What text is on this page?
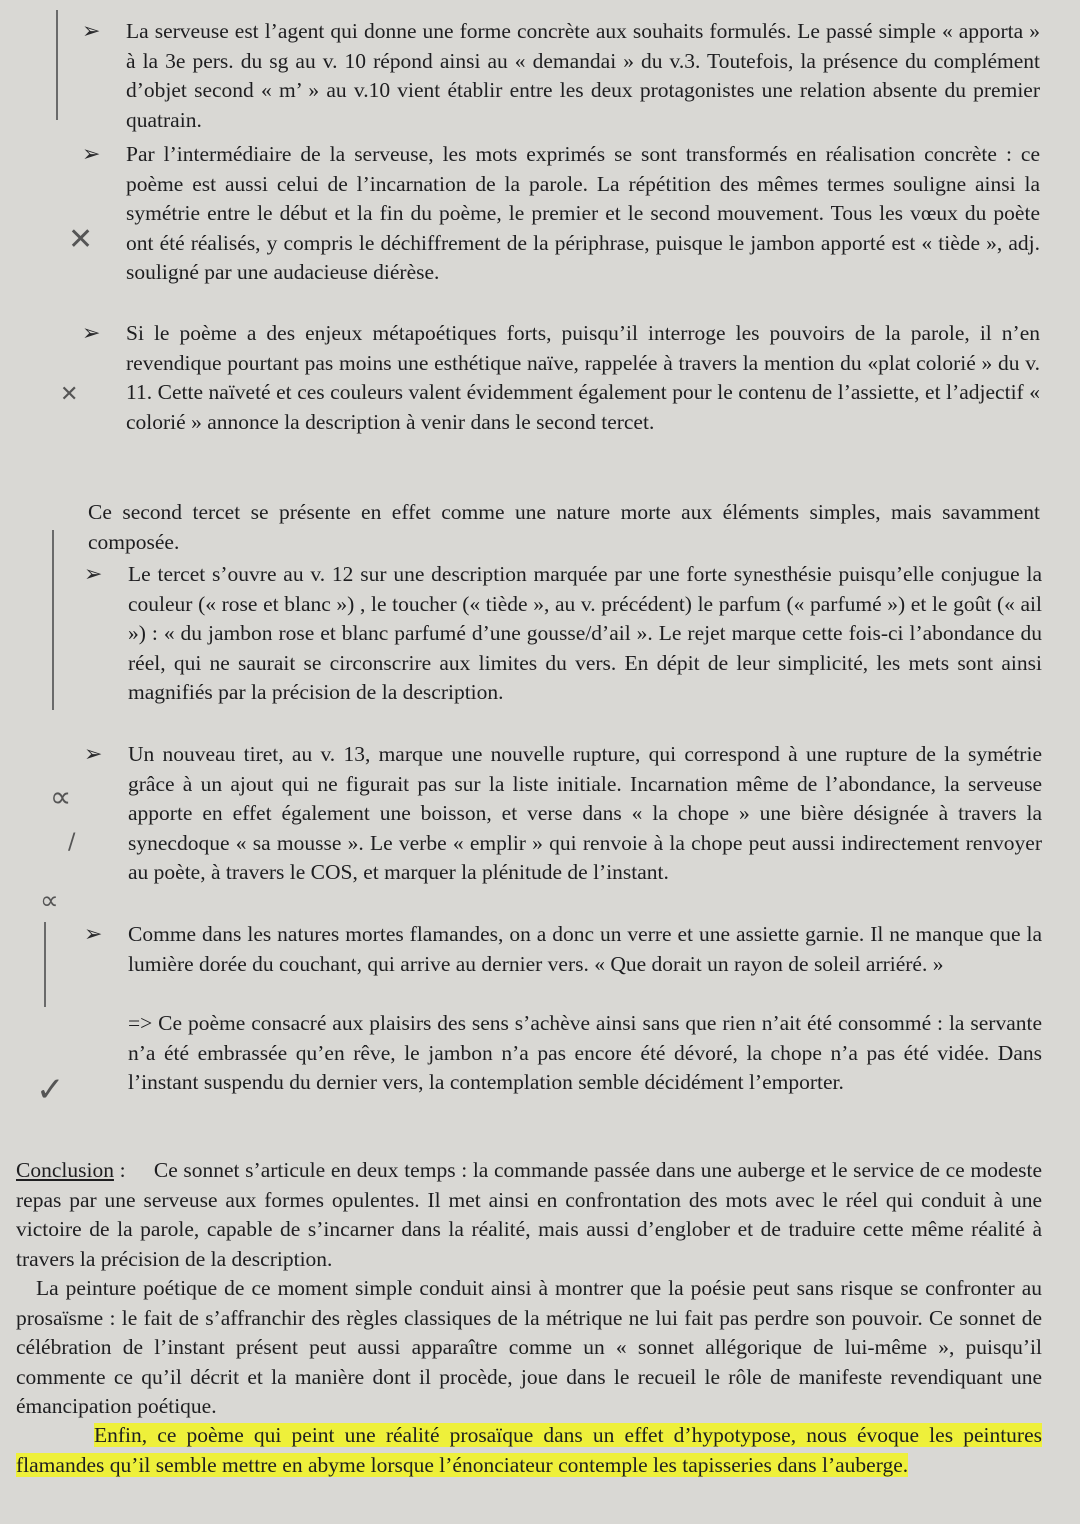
✕
✕
∝
/
∝
✓
➢ La serveuse est l’agent qui donne une forme concrète aux souhaits formulés. Le passé simple « apporta » à la 3e pers. du sg au v. 10 répond ainsi au « demandai » du v.3. Toutefois, la présence du complément d’objet second « m’ » au v.10 vient établir entre les deux protagonistes une relation absente du premier quatrain.
➢ Par l’intermédiaire de la serveuse, les mots exprimés se sont transformés en réalisation concrète : ce poème est aussi celui de l’incarnation de la parole. La répétition des mêmes termes souligne ainsi la symétrie entre le début et la fin du poème, le premier et le second mouvement. Tous les vœux du poète ont été réalisés, y compris le déchiffrement de la périphrase, puisque le jambon apporté est « tiède », adj. souligné par une audacieuse diérèse.
➢ Si le poème a des enjeux métapoétiques forts, puisqu’il interroge les pouvoirs de la parole, il n’en revendique pourtant pas moins une esthétique naïve, rappelée à travers la mention du «plat colorié » du v. 11. Cette naïveté et ces couleurs valent évidemment également pour le contenu de l’assiette, et l’adjectif « colorié » annonce la description à venir dans le second tercet.
Ce second tercet se présente en effet comme une nature morte aux éléments simples, mais savamment composée.
➢ Le tercet s’ouvre au v. 12 sur une description marquée par une forte synesthésie puisqu’elle conjugue la couleur (« rose et blanc ») , le toucher (« tiède », au v. précédent) le parfum (« parfumé ») et le goût (« ail ») : « du jambon rose et blanc parfumé d’une gousse/d’ail ». Le rejet marque cette fois-ci l’abondance du réel, qui ne saurait se circonscrire aux limites du vers. En dépit de leur simplicité, les mets sont ainsi magnifiés par la précision de la description.
➢ Un nouveau tiret, au v. 13, marque une nouvelle rupture, qui correspond à une rupture de la symétrie grâce à un ajout qui ne figurait pas sur la liste initiale. Incarnation même de l’abondance, la serveuse apporte en effet également une boisson, et verse dans « la chope » une bière désignée à travers la synecdoque « sa mousse ». Le verbe « emplir » qui renvoie à la chope peut aussi indirectement renvoyer au poète, à travers le COS, et marquer la plénitude de l’instant.
➢ Comme dans les natures mortes flamandes, on a donc un verre et une assiette garnie. Il ne manque que la lumière dorée du couchant, qui arrive au dernier vers. « Que dorait un rayon de soleil arriéré. »
=> Ce poème consacré aux plaisirs des sens s’achève ainsi sans que rien n’ait été consommé : la servante n’a été embrassée qu’en rêve, le jambon n’a pas encore été dévoré, la chope n’a pas été vidée. Dans l’instant suspendu du dernier vers, la contemplation semble décidément l’emporter.
Conclusion : Ce sonnet s’articule en deux temps : la commande passée dans une auberge et le service de ce modeste repas par une serveuse aux formes opulentes. Il met ainsi en confrontation des mots avec le réel qui conduit à une victoire de la parole, capable de s’incarner dans la réalité, mais aussi d’englober et de traduire cette même réalité à travers la précision de la description.
La peinture poétique de ce moment simple conduit ainsi à montrer que la poésie peut sans risque se confronter au prosaïsme : le fait de s’affranchir des règles classiques de la métrique ne lui fait pas perdre son pouvoir. Ce sonnet de célébration de l’instant présent peut aussi apparaître comme un « sonnet allégorique de lui-même », puisqu’il commente ce qu’il décrit et la manière dont il procède, joue dans le recueil le rôle de manifeste revendiquant une émancipation poétique.
Enfin, ce poème qui peint une réalité prosaïque dans un effet d’hypotypose, nous évoque les peintures flamandes qu’il semble mettre en abyme lorsque l’énonciateur contemple les tapisseries dans l’auberge.
